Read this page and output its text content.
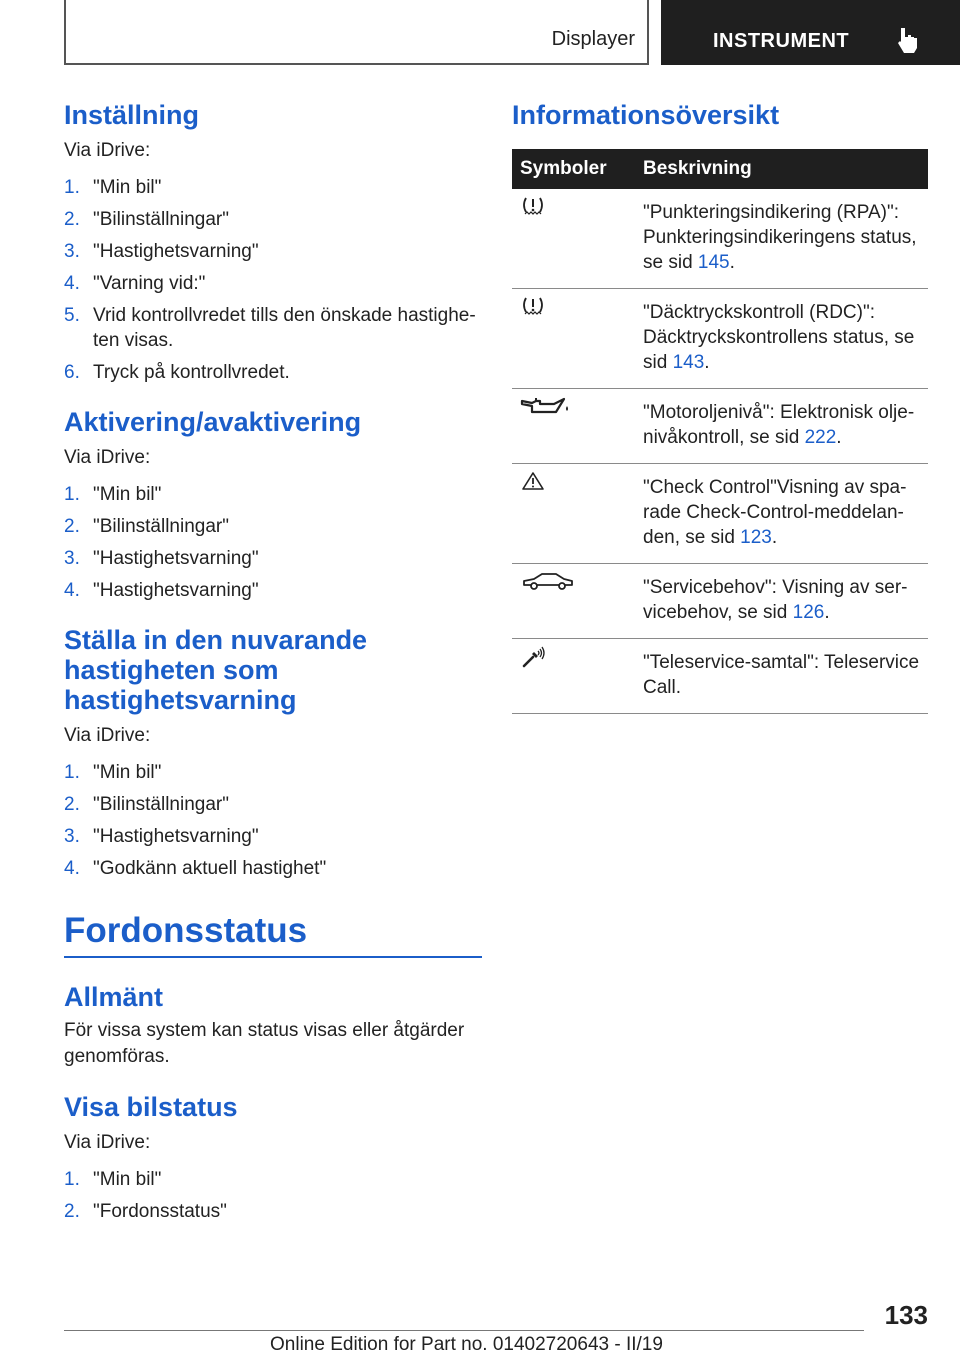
Displayer	INSTRUMENT
Inställning
Via iDrive:
1. "Min bil"
2. "Bilinställningar"
3. "Hastighetsvarning"
4. "Varning vid:"
5. Vrid kontrollvredet tills den önskade hastigheten visas.
6. Tryck på kontrollvredet.
Aktivering/avaktivering
Via iDrive:
1. "Min bil"
2. "Bilinställningar"
3. "Hastighetsvarning"
4. "Hastighetsvarning"
Ställa in den nuvarande
hastigheten som
hastighetsvarning
Via iDrive:
1. "Min bil"
2. "Bilinställningar"
3. "Hastighetsvarning"
4. "Godkänn aktuell hastighet"
Fordonsstatus
Allmänt
För vissa system kan status visas eller åtgärder genomföras.
Visa bilstatus
Via iDrive:
1. "Min bil"
2. "Fordonsstatus"
Informationsöversikt
Symboler	Beskrivning

	"Punkteringsindikering (RPA)": Punkteringsindikeringens status, se sid 145.

	"Däcktryckskontroll (RDC)": Däcktryckskontrollens status, se sid 143.

	"Motoroljenivå": Elektronisk oljenivåkontroll, se sid 222.

	"Check Control"Visning av sparade Check-Control-meddelanden, se sid 123.

	"Servicebehov": Visning av servicebehov, se sid 126.

	"Teleservice-samtal": Teleservice Call.
133
Online Edition for Part no. 01402720643 - II/19
